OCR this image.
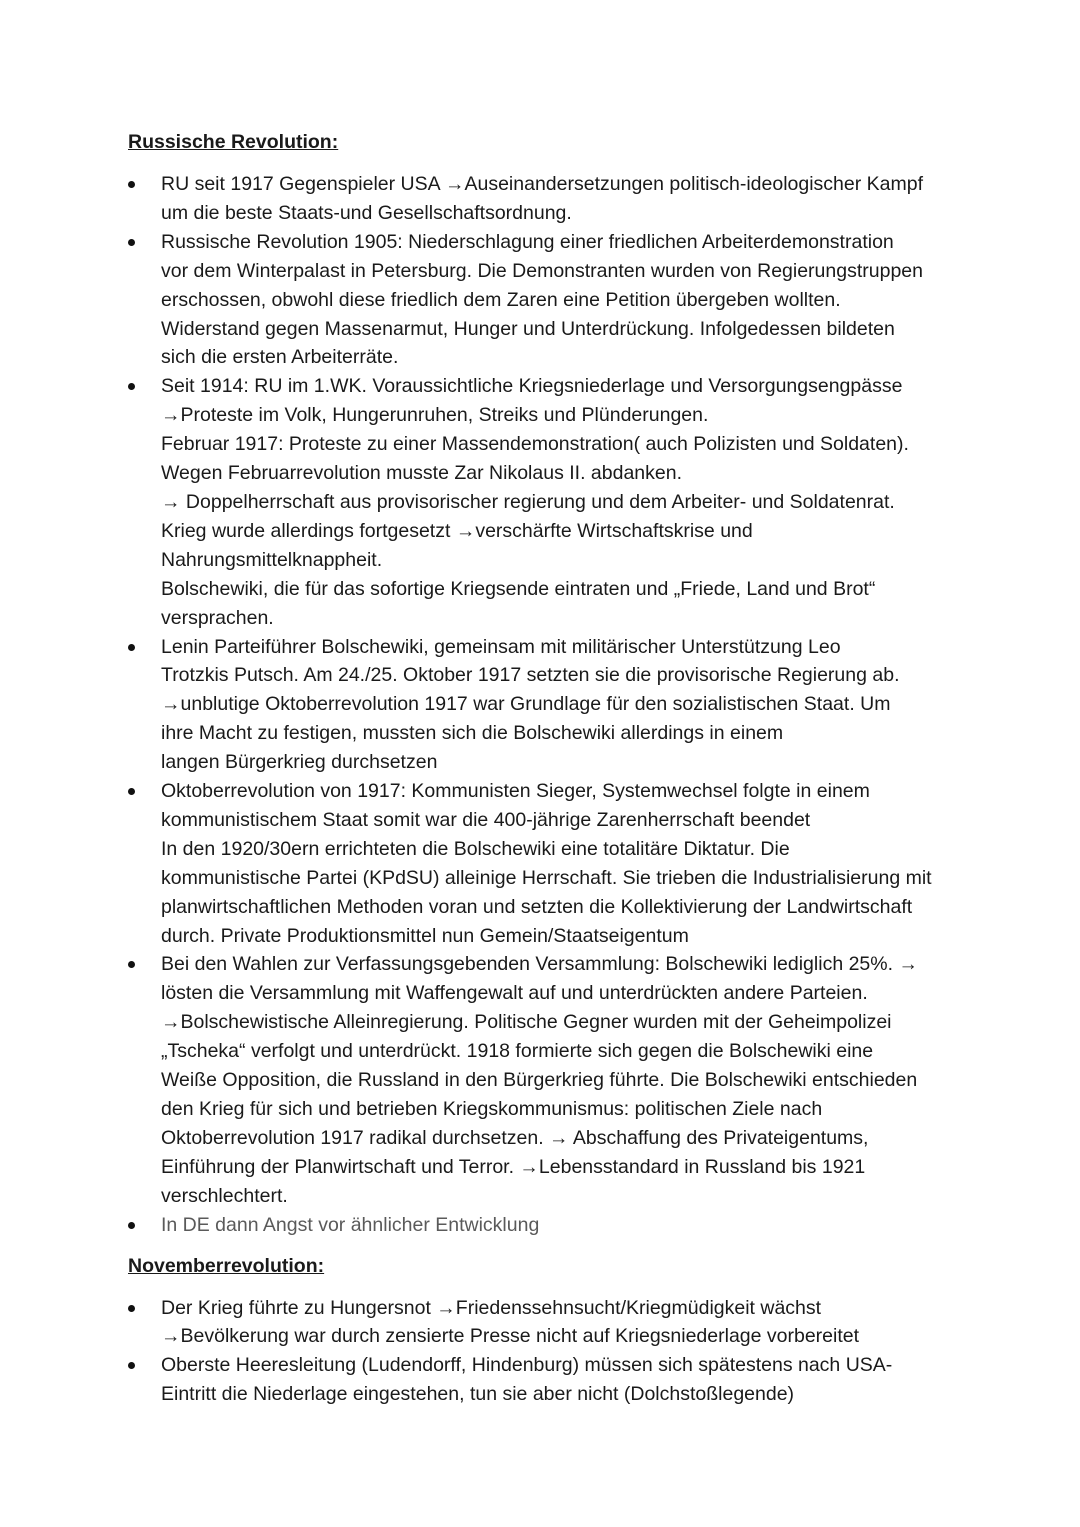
Russische Revolution:
RU seit 1917 Gegenspieler USA →Auseinandersetzungen politisch-ideologischer Kampf
um die beste Staats-und Gesellschaftsordnung.
Russische Revolution 1905: Niederschlagung einer friedlichen Arbeiterdemonstration
vor dem Winterpalast in Petersburg. Die Demonstranten wurden von Regierungstruppen
erschossen, obwohl diese friedlich dem Zaren eine Petition übergeben wollten.
Widerstand gegen Massenarmut, Hunger und Unterdrückung. Infolgedessen bildeten
sich die ersten Arbeiterräte.
Seit 1914: RU im 1.WK. Voraussichtliche Kriegsniederlage und Versorgungsengpässe
→Proteste im Volk, Hungerunruhen, Streiks und Plünderungen.
Februar 1917: Proteste zu einer Massendemonstration( auch Polizisten und Soldaten).
Wegen Februarrevolution musste Zar Nikolaus II. abdanken.
→ Doppelherrschaft aus provisorischer regierung und dem Arbeiter- und Soldatenrat.
Krieg wurde allerdings fortgesetzt →verschärfte Wirtschaftskrise und
Nahrungsmittelknappheit.
Bolschewiki, die für das sofortige Kriegsende eintraten und „Friede, Land und Brot“
versprachen.
Lenin Parteiführer Bolschewiki, gemeinsam mit militärischer Unterstützung Leo
Trotzkis Putsch. Am 24./25. Oktober 1917 setzten sie die provisorische Regierung ab.
→unblutige Oktoberrevolution 1917 war Grundlage für den sozialistischen Staat. Um
ihre Macht zu festigen, mussten sich die Bolschewiki allerdings in einem
langen Bürgerkrieg durchsetzen
Oktoberrevolution von 1917: Kommunisten Sieger, Systemwechsel folgte in einem
kommunistischem Staat somit war die 400-jährige Zarenherrschaft beendet
In den 1920/30ern errichteten die Bolschewiki eine totalitäre Diktatur. Die
kommunistische Partei (KPdSU) alleinige Herrschaft. Sie trieben die Industrialisierung mit
planwirtschaftlichen Methoden voran und setzten die Kollektivierung der Landwirtschaft
durch. Private Produktionsmittel nun Gemein/Staatseigentum
Bei den Wahlen zur Verfassungsgebenden Versammlung: Bolschewiki lediglich 25%. →
lösten die Versammlung mit Waffengewalt auf und unterdrückten andere Parteien.
→Bolschewistische Alleinregierung. Politische Gegner wurden mit der Geheimpolizei
„Tscheka“ verfolgt und unterdrückt. 1918 formierte sich gegen die Bolschewiki eine
Weiße Opposition, die Russland in den Bürgerkrieg führte. Die Bolschewiki entschieden
den Krieg für sich und betrieben Kriegskommunismus: politischen Ziele nach
Oktoberrevolution 1917 radikal durchsetzen. → Abschaffung des Privateigentums,
Einführung der Planwirtschaft und Terror. →Lebensstandard in Russland bis 1921
verschlechtert.
In DE dann Angst vor ähnlicher Entwicklung
Novemberrevolution:
Der Krieg führte zu Hungersnot →Friedenssehnsucht/Kriegmüdigkeit wächst
→Bevölkerung war durch zensierte Presse nicht auf Kriegsniederlage vorbereitet
Oberste Heeresleitung (Ludendorff, Hindenburg) müssen sich spätestens nach USA-
Eintritt die Niederlage eingestehen, tun sie aber nicht (Dolchstoßlegende)
